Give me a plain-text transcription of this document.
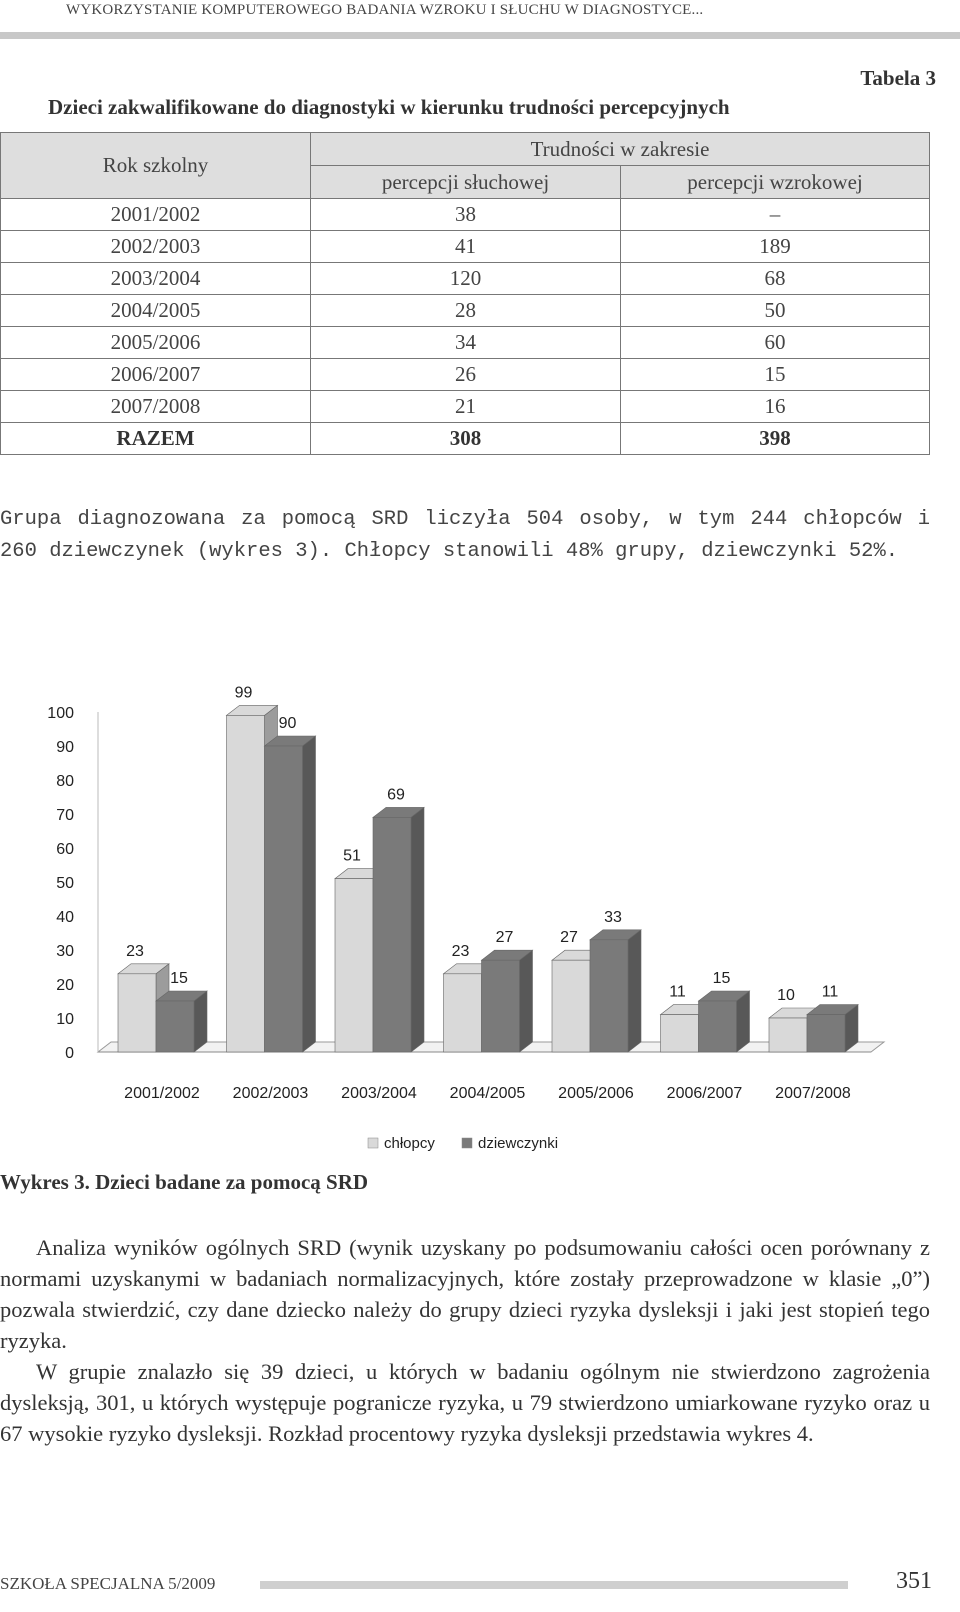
WYKORZYSTANIE KOMPUTEROWEGO BADANIA WZROKU I SŁUCHU W DIAGNOSTYCE...
Tabela 3
Dzieci zakwalifikowane do diagnostyki w kierunku trudności percepcyjnych
Rok szkolny	Trudności w zakresie	
	percepcji słuchowej	percepcji wzrokowej
2001/2002	38	–
2002/2003	41	189
2003/2004	120	68
2004/2005	28	50
2005/2006	34	60
2006/2007	26	15
2007/2008	21	16
RAZEM	308	398

Grupa diagnozowana za pomocą SRD liczyła 504 osoby, w tym 244 chłopców i 260 dziewczynek (wykres 3). Chłopcy stanowili 48% grupy, dziewczynki 52%.

0
10
20
30
40
50
60
70
80
90
100
23
15
2001/2002
99
90
2002/2003
51
69
2003/2004
23
27
2004/2005
27
33
2005/2006
11
15
2006/2007
10 11
2007/2008
chłopcy	dziewczynki
Wykres 3. Dzieci badane za pomocą SRD

Analiza wyników ogólnych SRD (wynik uzyskany po podsumowaniu całości ocen porównany z normami uzyskanymi w badaniach normalizacyjnych, które zostały przeprowadzone w klasie „0”) pozwala stwierdzić, czy dane dziecko należy do grupy dzieci ryzyka dysleksji i jaki jest stopień tego ryzyka.

W grupie znalazło się 39 dzieci, u których w badaniu ogólnym nie stwierdzono zagrożenia dysleksją, 301, u których występuje pogranicze ryzyka, u 79 stwierdzono umiarkowane ryzyko oraz u 67 wysokie ryzyko dysleksji. Rozkład procentowy ryzyka dysleksji przedstawia wykres 4.

SZKOŁA SPECJALNA 5/2009	351
